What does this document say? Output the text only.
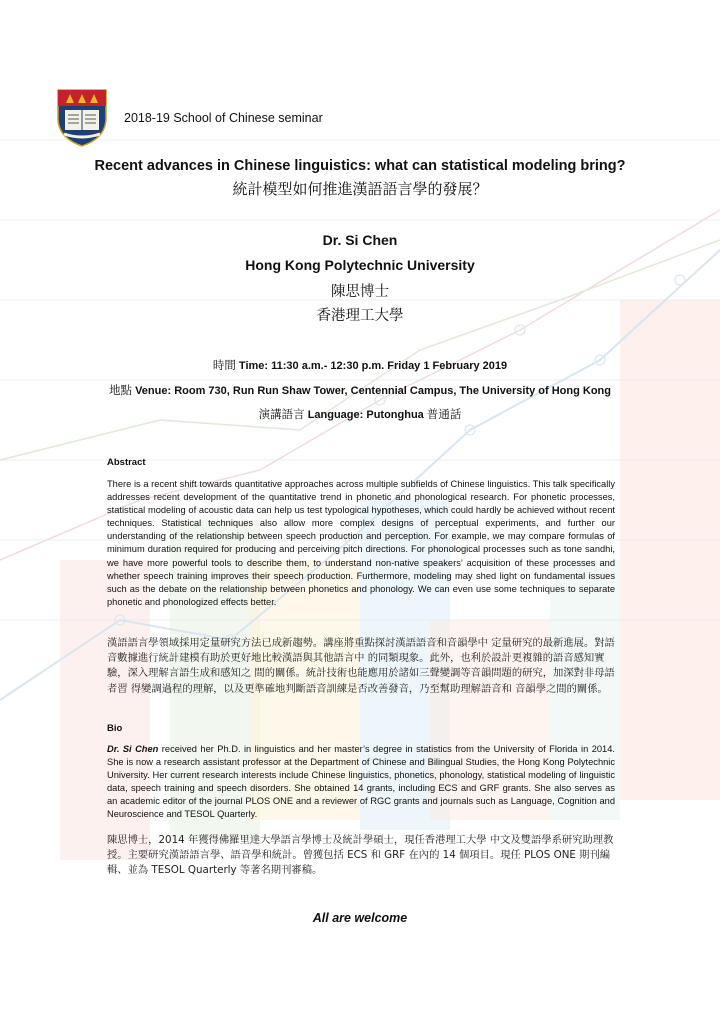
2018-19 School of Chinese seminar
Recent advances in Chinese linguistics: what can statistical modeling bring?
統計模型如何推進漢語語言學的發展？
Dr. Si Chen
Hong Kong Polytechnic University
陳思博士
香港理工大學
時間 Time: 11:30 a.m.- 12:30 p.m. Friday 1 February 2019
地點 Venue: Room 730, Run Run Shaw Tower, Centennial Campus, The University of Hong Kong
演講語言 Language: Putonghua 普通話
Abstract
There is a recent shift towards quantitative approaches across multiple subfields of Chinese linguistics. This talk specifically addresses recent development of the quantitative trend in phonetic and phonological research. For phonetic processes, statistical modeling of acoustic data can help us test typological hypotheses, which could hardly be achieved without recent techniques. Statistical techniques also allow more complex designs of perceptual experiments, and further our understanding of the relationship between speech production and perception. For example, we may compare formulas of minimum duration required for producing and perceiving pitch directions. For phonological processes such as tone sandhi, we have more powerful tools to describe them, to understand non-native speakers’ acquisition of these processes and whether speech training improves their speech production. Furthermore, modeling may shed light on fundamental issues such as the debate on the relationship between phonetics and phonology. We can even use some techniques to separate phonetic and phonologized effects better.
漢語語言學領域採用定量研究方法已成新趨勢。講座將重點探討漢語語音和音韻學中 定量研究的最新進展。對語音數據進行統計建模有助於更好地比較漢語與其他語言中 的同類現象。此外，也利於設計更複雜的語音感知實驗，深入理解言語生成和感知之 間的關係。統計技術也能應用於諸如三聲變調等音韻問題的研究，加深對非母語者習 得變調過程的理解，以及更準確地判斷語音訓練是否改善發音，乃至幫助理解語音和 音韻學之間的關係。
Bio
Dr. Si Chen received her Ph.D. in linguistics and her master’s degree in statistics from the University of Florida in 2014. She is now a research assistant professor at the Department of Chinese and Bilingual Studies, the Hong Kong Polytechnic University. Her current research interests include Chinese linguistics, phonetics, phonology, statistical modeling of linguistic data, speech training and speech disorders. She obtained 14 grants, including ECS and GRF grants. She also serves as an academic editor of the journal PLOS ONE and a reviewer of RGC grants and journals such as Language, Cognition and Neuroscience and TESOL Quarterly.
陳思博士，2014 年獲得佛羅里達大學語言學博士及統計學碩士，現任香港理工大學 中文及雙語學系研究助理教授。主要研究漢語語言學、語音學和統計。曾獲包括 ECS 和 GRF 在內的 14 個項目。現任 PLOS ONE 期刊編輯、並為 TESOL Quarterly 等著名期刊審稿。
All are welcome
